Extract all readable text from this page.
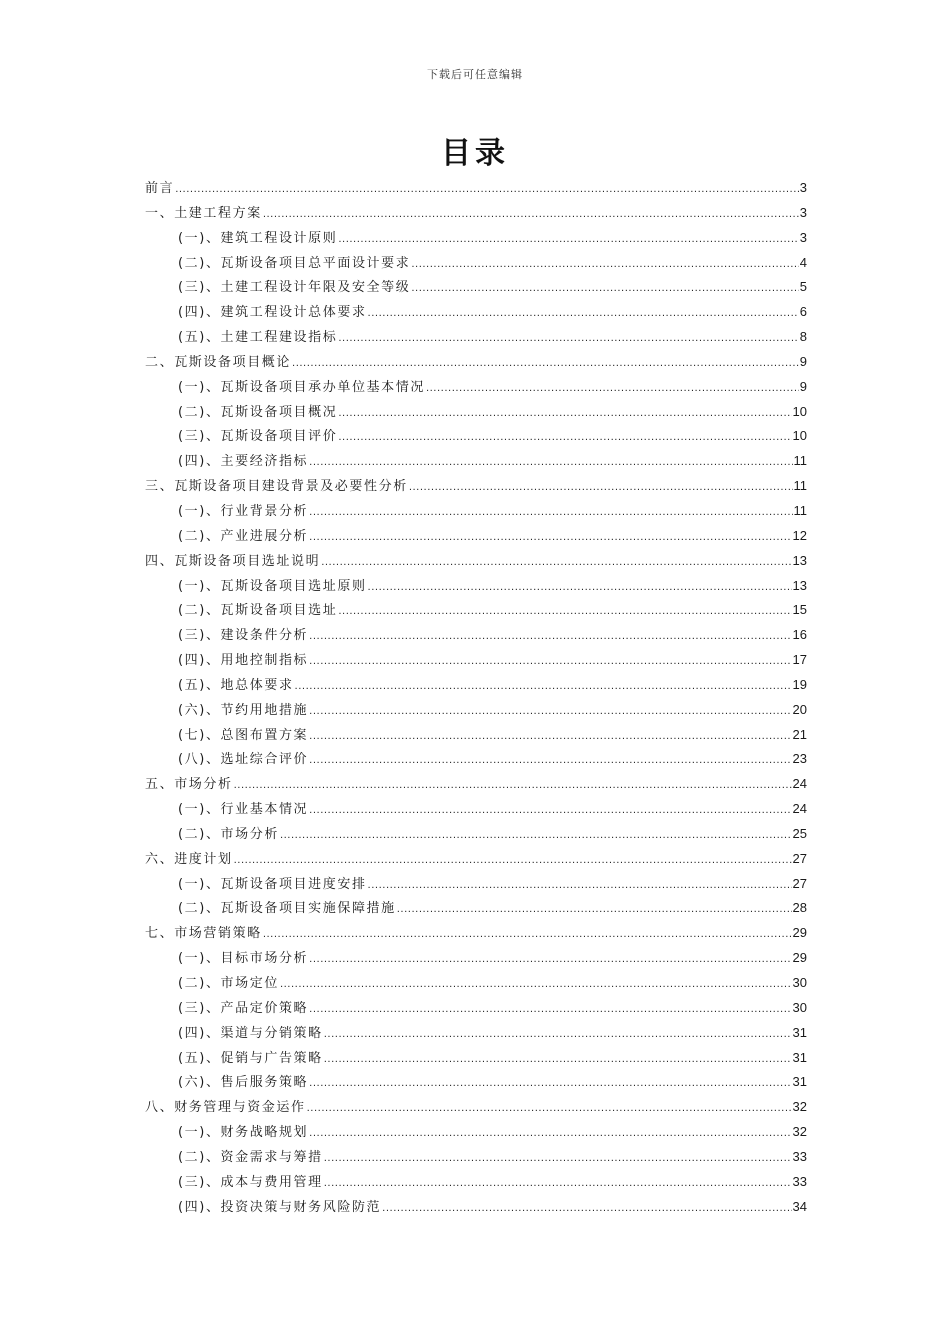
下载后可任意编辑
目录
前言 .....	3
一、土建工程方案 .....	3
(一)、建筑工程设计原则 .....	3
(二)、瓦斯设备项目总平面设计要求 .....	4
(三)、土建工程设计年限及安全等级 .....	5
(四)、建筑工程设计总体要求 .....	6
(五)、土建工程建设指标 .....	8
二、瓦斯设备项目概论 .....	9
(一)、瓦斯设备项目承办单位基本情况 .....	9
(二)、瓦斯设备项目概况 .....	10
(三)、瓦斯设备项目评价 .....	10
(四)、主要经济指标 .....	11
三、瓦斯设备项目建设背景及必要性分析 .....	11
(一)、行业背景分析 .....	11
(二)、产业进展分析 .....	12
四、瓦斯设备项目选址说明 .....	13
(一)、瓦斯设备项目选址原则 .....	13
(二)、瓦斯设备项目选址 .....	15
(三)、建设条件分析 .....	16
(四)、用地控制指标 .....	17
(五)、地总体要求 .....	19
(六)、节约用地措施 .....	20
(七)、总图布置方案 .....	21
(八)、选址综合评价 .....	23
五、市场分析 .....	24
(一)、行业基本情况 .....	24
(二)、市场分析 .....	25
六、进度计划 .....	27
(一)、瓦斯设备项目进度安排 .....	27
(二)、瓦斯设备项目实施保障措施 .....	28
七、市场营销策略 .....	29
(一)、目标市场分析 .....	29
(二)、市场定位 .....	30
(三)、产品定价策略 .....	30
(四)、渠道与分销策略 .....	31
(五)、促销与广告策略 .....	31
(六)、售后服务策略 .....	31
八、财务管理与资金运作 .....	32
(一)、财务战略规划 .....	32
(二)、资金需求与筹措 .....	33
(三)、成本与费用管理 .....	33
(四)、投资决策与财务风险防范 .....	34
